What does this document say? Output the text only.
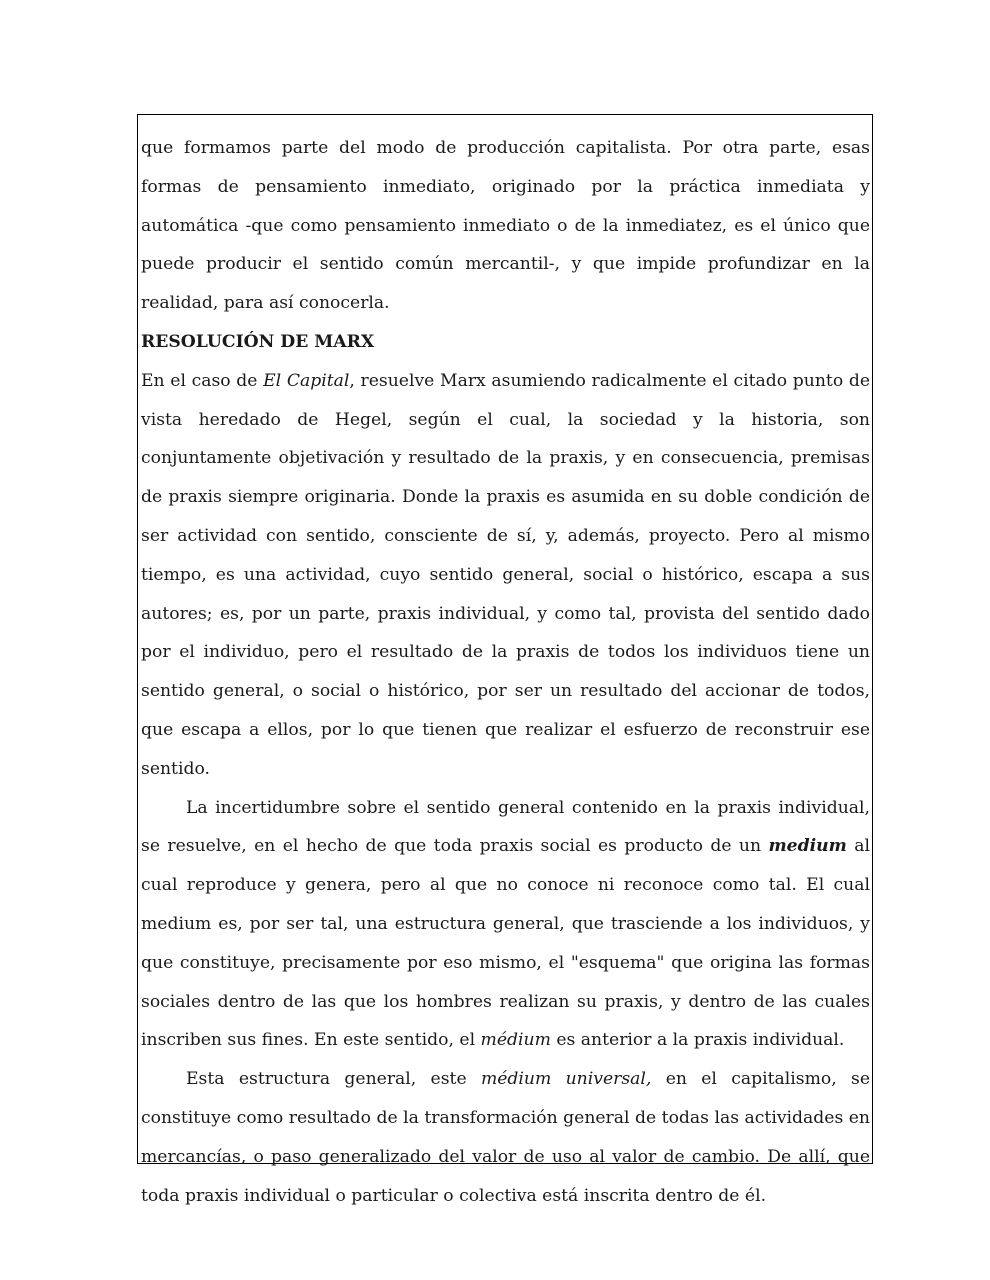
que formamos parte del modo de producción capitalista. Por otra parte, esas formas de pensamiento inmediato, originado por la práctica inmediata y automática -que como pensamiento inmediato o de la inmediatez, es el único que puede producir el sentido común mercantil-, y que impide profundizar en la realidad, para así conocerla.

RESOLUCIÓN DE MARX

En el caso de El Capital, resuelve Marx asumiendo radicalmente el citado punto de vista heredado de Hegel, según el cual, la sociedad y la historia, son conjuntamente objetivación y resultado de la praxis, y en consecuencia, premisas de praxis siempre originaria. Donde la praxis es asumida en su doble condición de ser actividad con sentido, consciente de sí, y, además, proyecto. Pero al mismo tiempo, es una actividad, cuyo sentido general, social o histórico, escapa a sus autores; es, por un parte, praxis individual, y como tal, provista del sentido dado por el individuo, pero el resultado de la praxis de todos los individuos tiene un sentido general, o social o histórico, por ser un resultado del accionar de todos, que escapa a ellos, por lo que tienen que realizar el esfuerzo de reconstruir ese sentido.

La incertidumbre sobre el sentido general contenido en la praxis individual, se resuelve, en el hecho de que toda praxis social es producto de un medium al cual reproduce y genera, pero al que no conoce ni reconoce como tal. El cual medium es, por ser tal, una estructura general, que trasciende a los individuos, y que constituye, precisamente por eso mismo, el "esquema" que origina las formas sociales dentro de las que los hombres realizan su praxis, y dentro de las cuales inscriben sus fines. En este sentido, el médium es anterior a la praxis individual.

Esta estructura general, este médium universal, en el capitalismo, se constituye como resultado de la transformación general de todas las actividades en mercancías, o paso generalizado del valor de uso al valor de cambio. De allí, que toda praxis individual o particular o colectiva está inscrita dentro de él.
